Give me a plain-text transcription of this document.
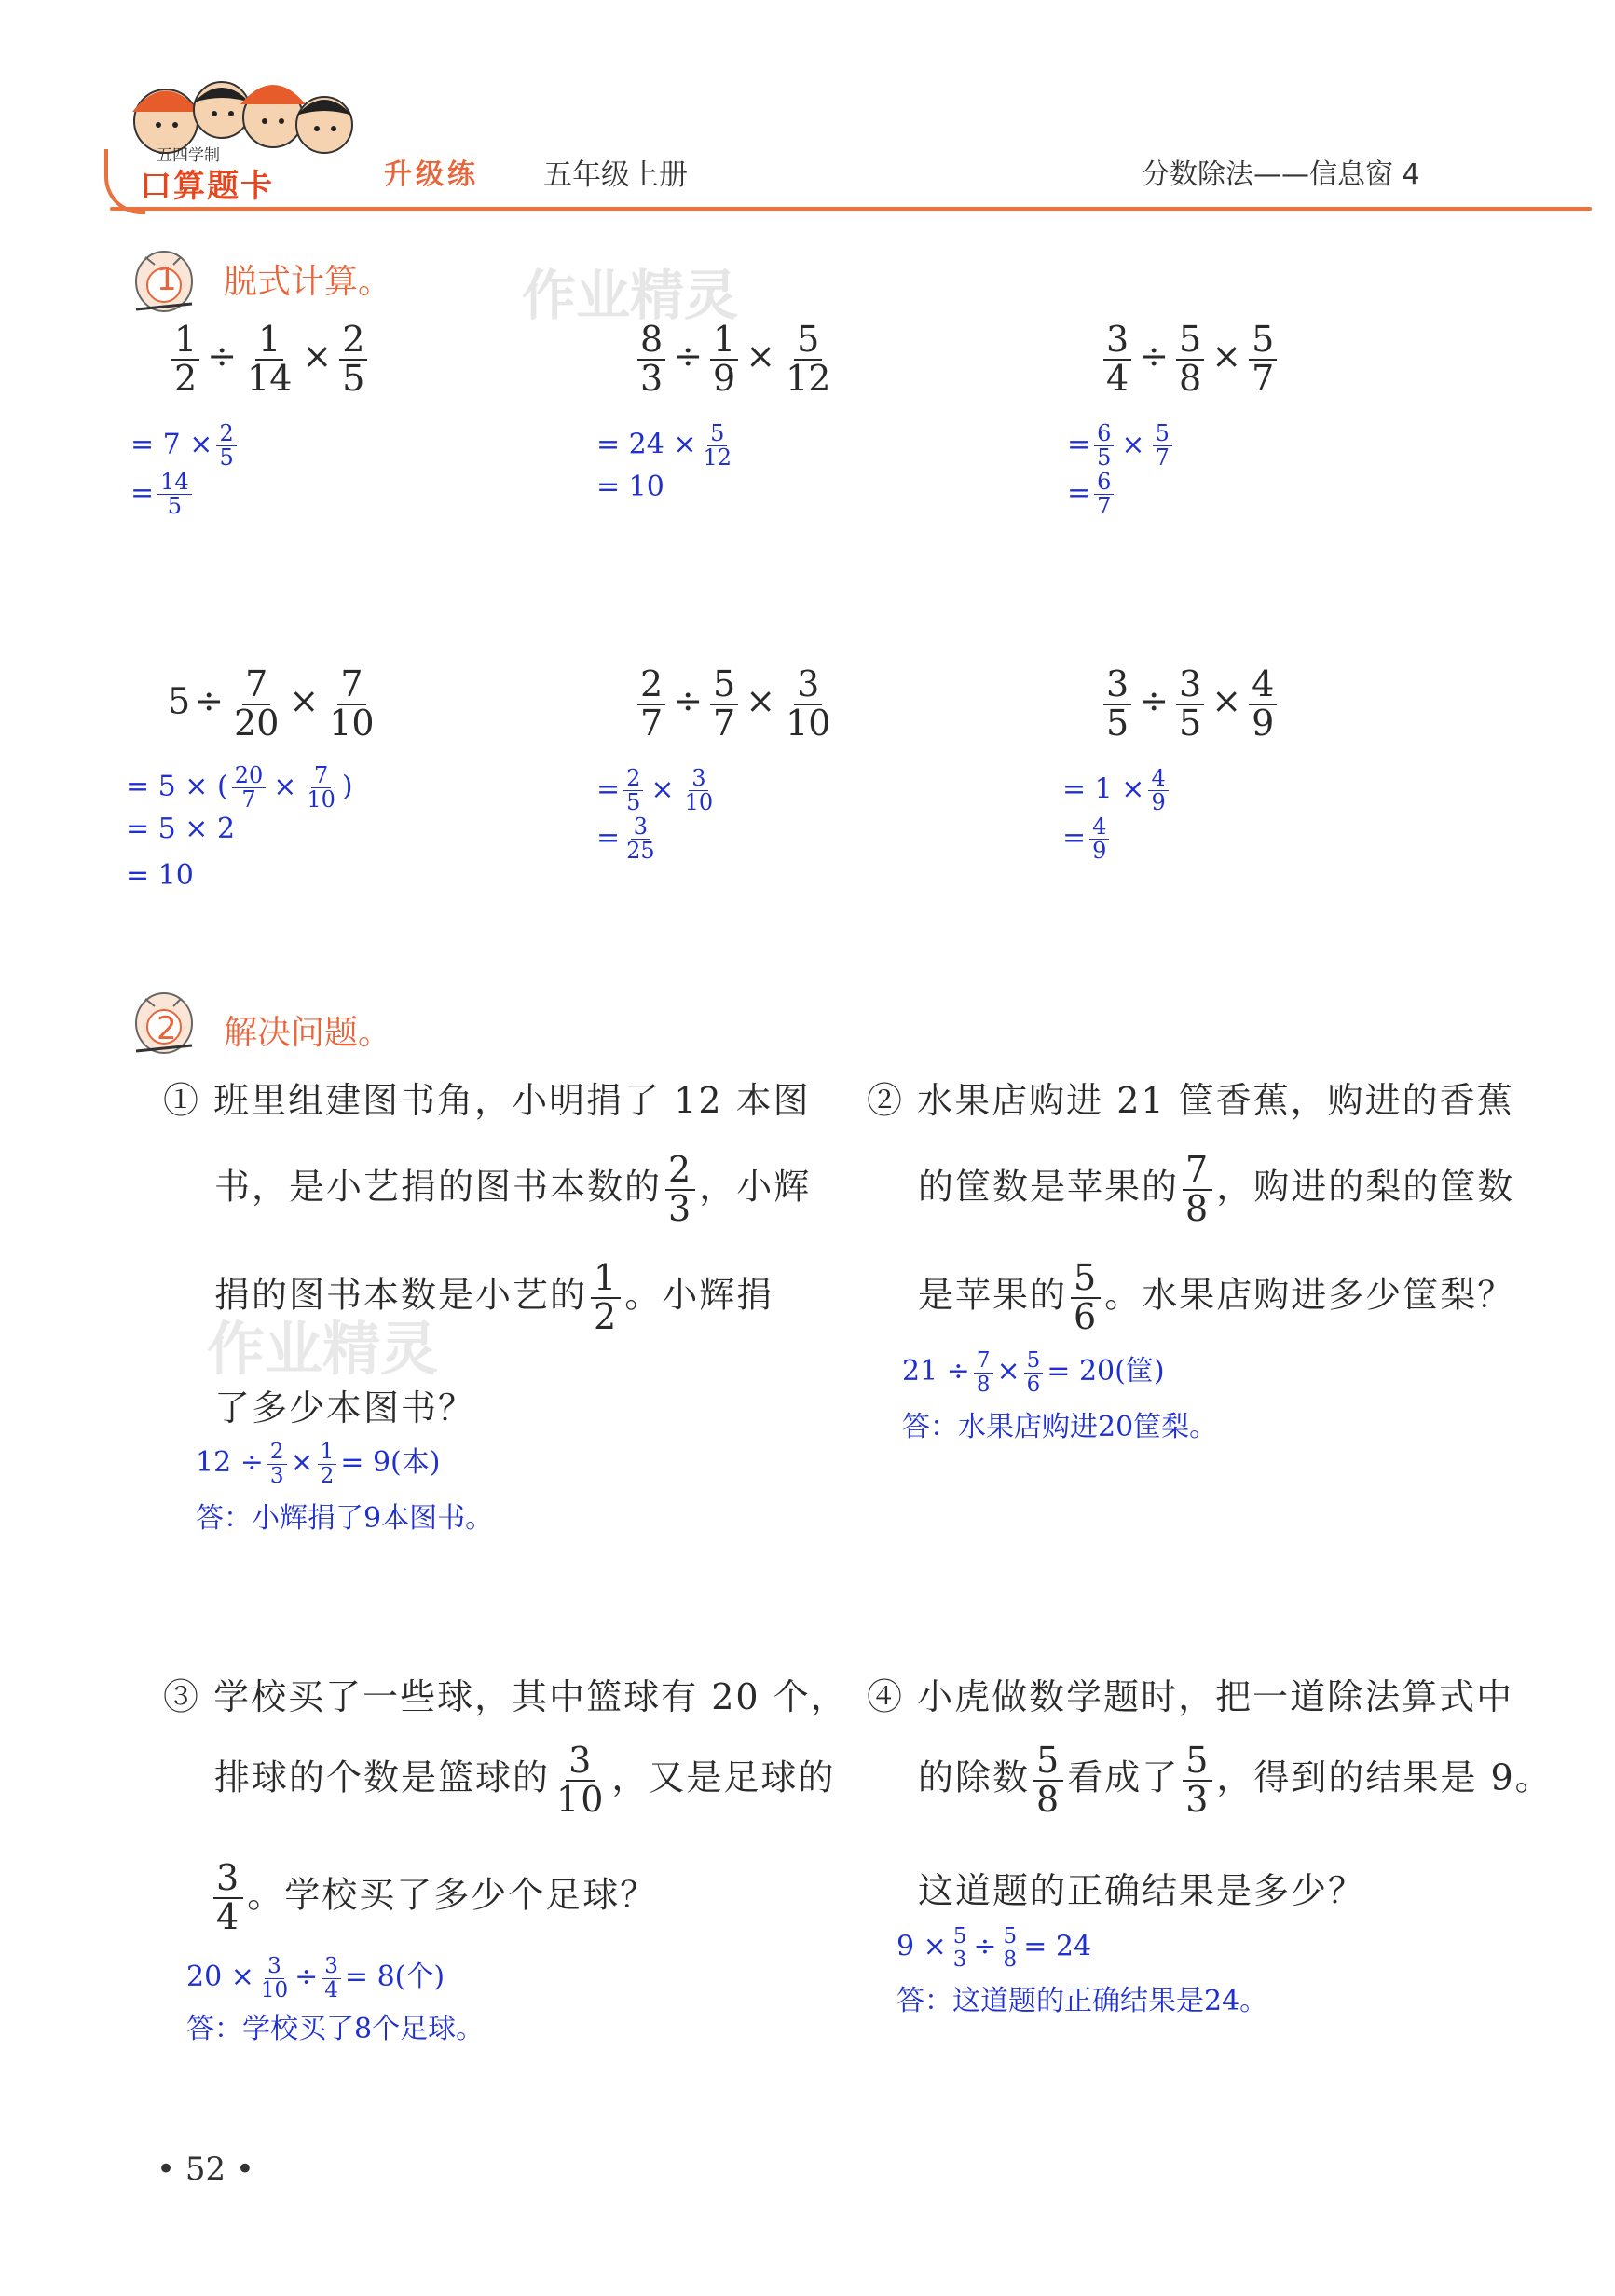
五四学制
口算题卡	升级练 五年级上册	分数除法——信息窗 4
1 脱式计算。 作业精灵
$\frac{1}{2} \div \frac{1}{14} \times \frac{2}{5}$
= $7 \times \frac{2}{5}$
= $\frac{14}{5}$
$\frac{8}{3} \div \frac{1}{9} \times \frac{5}{12}$
= $24 \times \frac{5}{12}$
= 10
$\frac{3}{4} \div \frac{5}{8} \times \frac{5}{7}$
= $\frac{6}{5} \times \frac{5}{7}$
= $\frac{6}{7}$
$5 \div \frac{7}{20} \times \frac{7}{10}$
= 5 × ( $\frac{20}{7} \times \frac{7}{10}$ )
= 5 × 2
= 10
$\frac{2}{7} \div \frac{5}{7} \times \frac{3}{10}$
= $\frac{2}{5} \times \frac{3}{10}$
= $\frac{3}{25}$
$\frac{3}{5} \div \frac{3}{5} \times \frac{4}{9}$
= $1 \times \frac{4}{9}$
= $\frac{4}{9}$
2 解决问题。
作业精灵
① 班里组建图书角，小明捐了 12 本图
书，是小艺捐的图书本数的 $\frac{2}{3}$ ，小辉
捐的图书本数是小艺的 $\frac{1}{2}$ 。小辉捐
了多少本图书？
$12 \div \frac{2}{3} \times \frac{1}{2} = 9$(本)
答：小辉捐了9本图书。
② 水果店购进 21 筐香蕉，购进的香蕉
的筐数是苹果的 $\frac{7}{8}$ ，购进的梨的筐数
是苹果的 $\frac{5}{6}$ 。水果店购进多少筐梨？
$21 \div \frac{7}{8} \times \frac{5}{6} = 20$(筐)
答：水果店购进20筐梨。
③ 学校买了一些球，其中篮球有 20 个，
排球的个数是篮球的 $\frac{3}{10}$ ，又是足球的
$\frac{3}{4}$ 。学校买了多少个足球？
$20 \times \frac{3}{10} \div \frac{3}{4} = 8$(个)
答：学校买了8个足球。
④ 小虎做数学题时，把一道除法算式中
的除数 $\frac{5}{8}$ 看成了 $\frac{5}{3}$ ，得到的结果是 9。
这道题的正确结果是多少？
$9 \times \frac{5}{3} \div \frac{5}{8} = 24$
答：这道题的正确结果是24。
• 52 •
